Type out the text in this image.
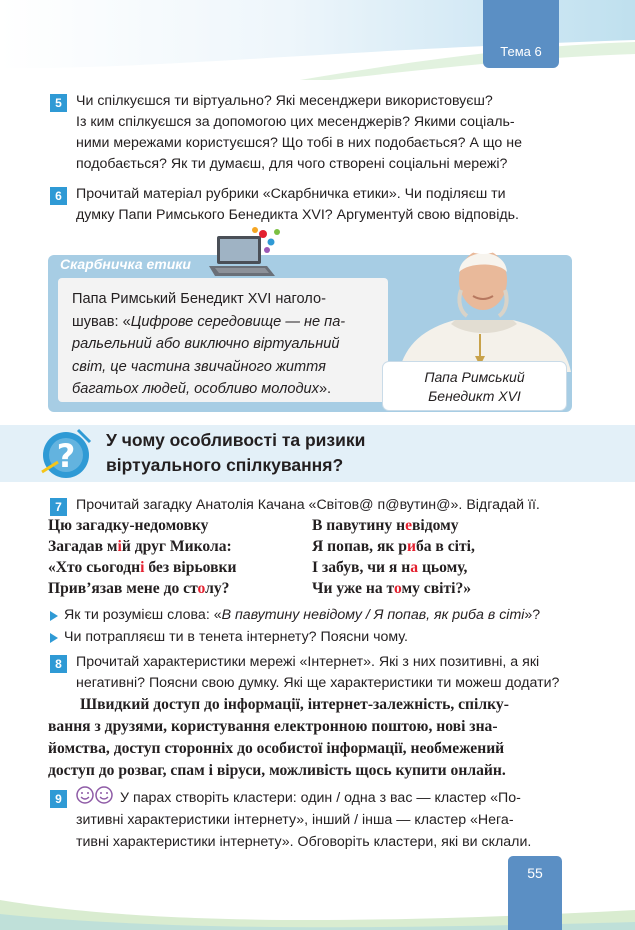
Тема 6
5 Чи спілкуєшся ти віртуально? Які месенджери використовуєш?
Із ким спілкуєшся за допомогою цих месенджерів? Якими соціаль-
ними мережами користуєшся? Що тобі в них подобається? А що не
подобається? Як ти думаєш, для чого створені соціальні мережі?
6 Прочитай матеріал рубрики «Скарбничка етики». Чи поділяєш ти
думку Папи Римського Бенедикта XVI? Аргументуй свою відповідь.
Скарбничка етики
Папа Римський Бенедикт XVI наголо-
шував: «Цифрове середовище — не па-
ральельний або виключно віртуальний
світ, це частина звичайного життя
багатьох людей, особливо молодих».
Папа Римський
Бенедикт XVI
? У чому особливості та ризики
віртуального спілкування?
7 Прочитай загадку Анатолія Качана «Світов@ п@вутин@». Відгадай її.
Цю загадку-недомовку
Загадав мій друг Микола:
«Хто сьогодні без вірьовки
Прив’язав мене до столу?
В павутину невідому
Я попав, як риба в сіті,
І забув, чи я на цьому,
Чи уже на тому світі?»
Як ти розумієш слова: «В павутину невідому / Я попав, як риба в сіті»?
Чи потрапляєш ти в тенета інтернету? Поясни чому.
8 Прочитай характеристики мережі «Інтернет». Які з них позитивні, а які
негативні? Поясни свою думку. Які ще характеристики ти можеш додати?
Швидкий доступ до інформації, інтернет-залежність, спілку-
вання з друзями, користування електронною поштою, нові зна-
йомства, доступ сторонніх до особистої інформації, необмежений
доступ до розваг, спам і віруси, можливість щось купити онлайн.
9	У парах створіть кластери: один / одна з вас — кластер «По-
зитивні характеристики інтернету», інший / інша — кластер «Нега-
тивні характеристики інтернету». Обговоріть кластери, які ви склали.
55
